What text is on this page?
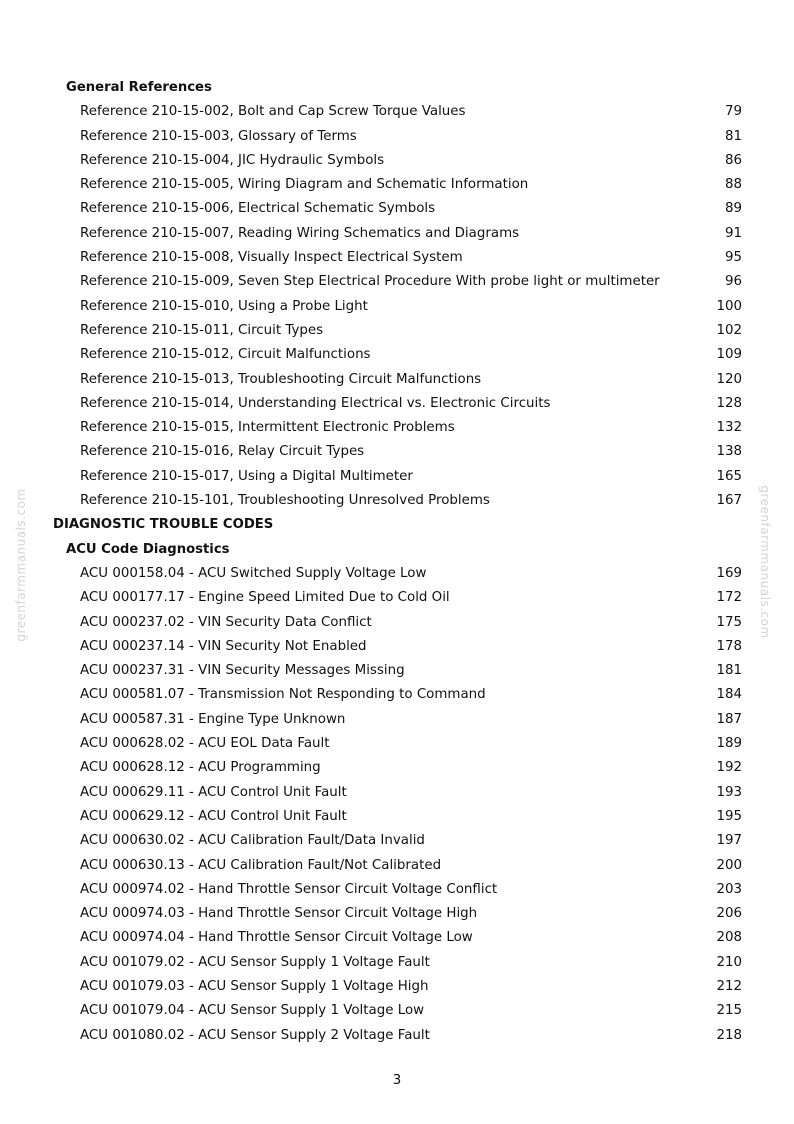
greenfarmmanuals.com	greenfarmmanuals.com
General References
Reference 210-15-002, Bolt and Cap Screw Torque Values	79
Reference 210-15-003, Glossary of Terms	81
Reference 210-15-004, JIC Hydraulic Symbols	86
Reference 210-15-005, Wiring Diagram and Schematic Information	88
Reference 210-15-006, Electrical Schematic Symbols	89
Reference 210-15-007, Reading Wiring Schematics and Diagrams	91
Reference 210-15-008, Visually Inspect Electrical System	95
Reference 210-15-009, Seven Step Electrical Procedure With probe light or multimeter	96
Reference 210-15-010, Using a Probe Light	100
Reference 210-15-011, Circuit Types	102
Reference 210-15-012, Circuit Malfunctions	109
Reference 210-15-013, Troubleshooting Circuit Malfunctions	120
Reference 210-15-014, Understanding Electrical vs. Electronic Circuits	128
Reference 210-15-015, Intermittent Electronic Problems	132
Reference 210-15-016, Relay Circuit Types	138
Reference 210-15-017, Using a Digital Multimeter	165
Reference 210-15-101, Troubleshooting Unresolved Problems	167
DIAGNOSTIC TROUBLE CODES
ACU Code Diagnostics
ACU 000158.04 - ACU Switched Supply Voltage Low	169
ACU 000177.17 - Engine Speed Limited Due to Cold Oil	172
ACU 000237.02 - VIN Security Data Conflict	175
ACU 000237.14 - VIN Security Not Enabled	178
ACU 000237.31 - VIN Security Messages Missing	181
ACU 000581.07 - Transmission Not Responding to Command	184
ACU 000587.31 - Engine Type Unknown	187
ACU 000628.02 - ACU EOL Data Fault	189
ACU 000628.12 - ACU Programming	192
ACU 000629.11 - ACU Control Unit Fault	193
ACU 000629.12 - ACU Control Unit Fault	195
ACU 000630.02 - ACU Calibration Fault/Data Invalid	197
ACU 000630.13 - ACU Calibration Fault/Not Calibrated	200
ACU 000974.02 - Hand Throttle Sensor Circuit Voltage Conflict	203
ACU 000974.03 - Hand Throttle Sensor Circuit Voltage High	206
ACU 000974.04 - Hand Throttle Sensor Circuit Voltage Low	208
ACU 001079.02 - ACU Sensor Supply 1 Voltage Fault	210
ACU 001079.03 - ACU Sensor Supply 1 Voltage High	212
ACU 001079.04 - ACU Sensor Supply 1 Voltage Low	215
ACU 001080.02 - ACU Sensor Supply 2 Voltage Fault	218
3
